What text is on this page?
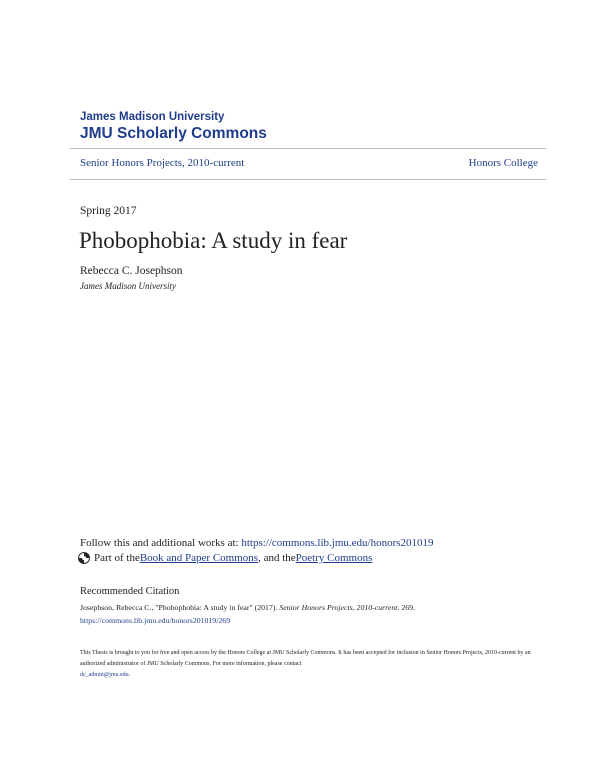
James Madison University
JMU Scholarly Commons
Senior Honors Projects, 2010-current	Honors College
Spring 2017
Phobophobia: A study in fear
Rebecca C. Josephson
James Madison University
Follow this and additional works at: https://commons.lib.jmu.edu/honors201019
Part of the Book and Paper Commons , and the Poetry Commons
Recommended Citation
Josephson, Rebecca C., "Phobophobia: A study in fear" (2017). Senior Honors Projects, 2010-current. 269.
https://commons.lib.jmu.edu/honors201019/269
This Thesis is brought to you for free and open access by the Honors College at JMU Scholarly Commons. It has been accepted for inclusion in Senior Honors Projects, 2010-current by an authorized administrator of JMU Scholarly Commons. For more information, please contact
dc_admin@jmu.edu.
